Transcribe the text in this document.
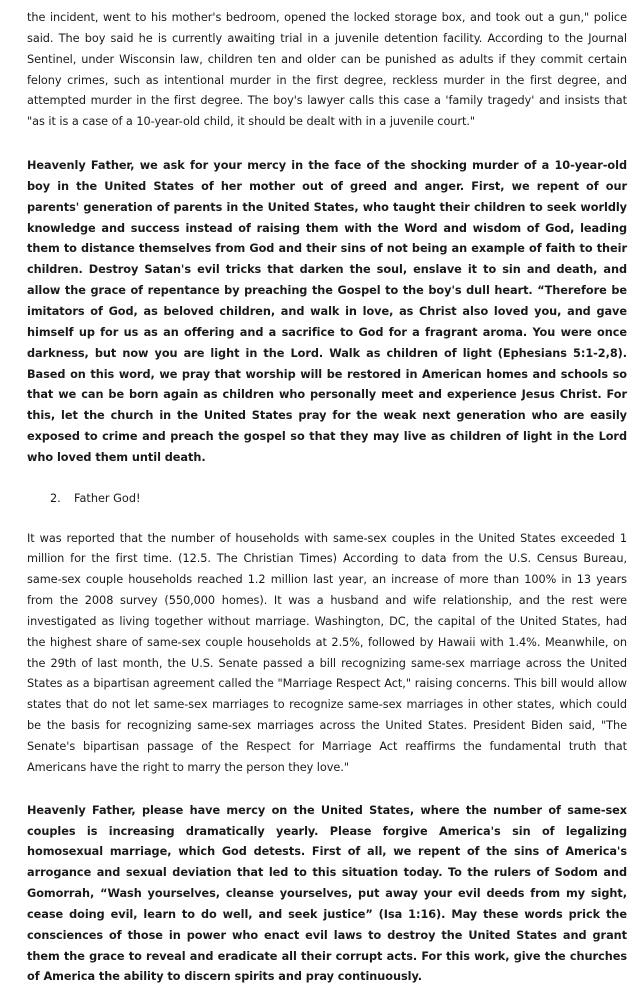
the incident, went to his mother's bedroom, opened the locked storage box, and took out a gun," police said. The boy said he is currently awaiting trial in a juvenile detention facility. According to the Journal Sentinel, under Wisconsin law, children ten and older can be punished as adults if they commit certain felony crimes, such as intentional murder in the first degree, reckless murder in the first degree, and attempted murder in the first degree. The boy's lawyer calls this case a 'family tragedy' and insists that "as it is a case of a 10-year-old child, it should be dealt with in a juvenile court."

Heavenly Father, we ask for your mercy in the face of the shocking murder of a 10-year-old boy in the United States of her mother out of greed and anger. First, we repent of our parents' generation of parents in the United States, who taught their children to seek worldly knowledge and success instead of raising them with the Word and wisdom of God, leading them to distance themselves from God and their sins of not being an example of faith to their children. Destroy Satan's evil tricks that darken the soul, enslave it to sin and death, and allow the grace of repentance by preaching the Gospel to the boy's dull heart. “Therefore be imitators of God, as beloved children, and walk in love, as Christ also loved you, and gave himself up for us as an offering and a sacrifice to God for a fragrant aroma. You were once darkness, but now you are light in the Lord. Walk as children of light (Ephesians 5:1-2,8). Based on this word, we pray that worship will be restored in American homes and schools so that we can be born again as children who personally meet and experience Jesus Christ. For this, let the church in the United States pray for the weak next generation who are easily exposed to crime and preach the gospel so that they may live as children of light in the Lord who loved them until death.

2. Father God!

It was reported that the number of households with same-sex couples in the United States exceeded 1 million for the first time. (12.5. The Christian Times) According to data from the U.S. Census Bureau, same-sex couple households reached 1.2 million last year, an increase of more than 100% in 13 years from the 2008 survey (550,000 homes). It was a husband and wife relationship, and the rest were investigated as living together without marriage. Washington, DC, the capital of the United States, had the highest share of same-sex couple households at 2.5%, followed by Hawaii with 1.4%. Meanwhile, on the 29th of last month, the U.S. Senate passed a bill recognizing same-sex marriage across the United States as a bipartisan agreement called the "Marriage Respect Act," raising concerns. This bill would allow states that do not let same-sex marriages to recognize same-sex marriages in other states, which could be the basis for recognizing same-sex marriages across the United States. President Biden said, "The Senate's bipartisan passage of the Respect for Marriage Act reaffirms the fundamental truth that Americans have the right to marry the person they love."

Heavenly Father, please have mercy on the United States, where the number of same-sex couples is increasing dramatically yearly. Please forgive America's sin of legalizing homosexual marriage, which God detests. First of all, we repent of the sins of America's arrogance and sexual deviation that led to this situation today. To the rulers of Sodom and Gomorrah, “Wash yourselves, cleanse yourselves, put away your evil deeds from my sight, cease doing evil, learn to do well, and seek justice” (Isa 1:16). May these words prick the consciences of those in power who enact evil laws to destroy the United States and grant them the grace to reveal and eradicate all their corrupt acts. For this work, give the churches of America the ability to discern spirits and pray continuously.
